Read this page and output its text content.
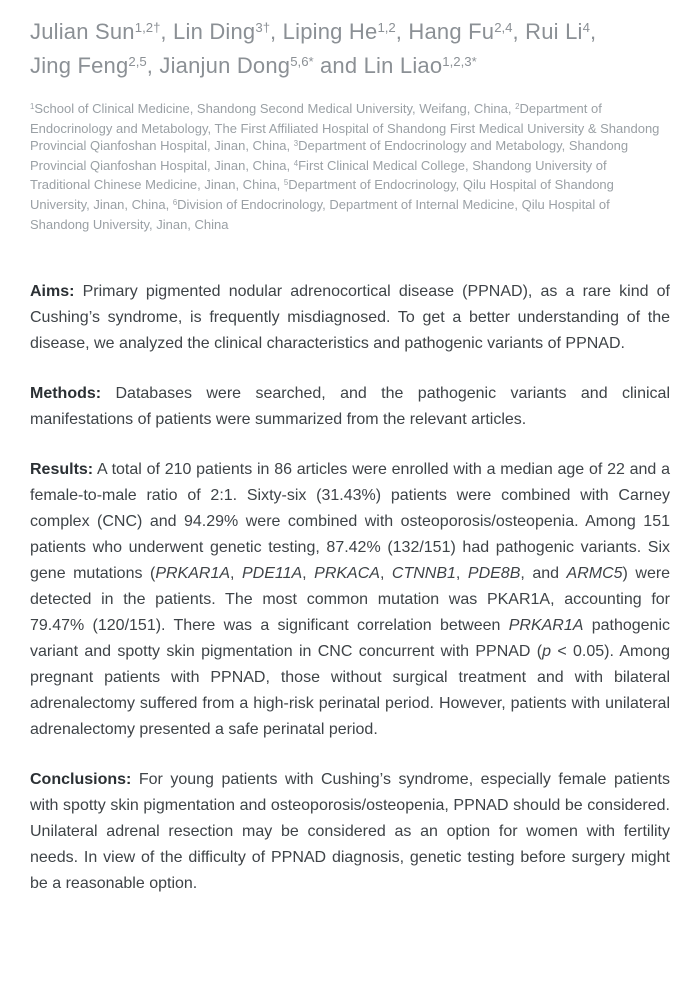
Julian Sun$^{1,2\dagger}$, Lin Ding$^{3\dagger}$, Liping He$^{1,2}$, Hang Fu$^{2,4}$, Rui Li$^4$,
Jing Feng$^{2,5}$, Jianjun Dong$^{5,6*}$ and Lin Liao$^{1,2,3*}$

$^1$School of Clinical Medicine, Shandong Second Medical University, Weifang, China, $^2$Department of Endocrinology and Metabology, The First Affiliated Hospital of Shandong First Medical University & Shandong Provincial Qianfoshan Hospital, Jinan, China, $^3$Department of Endocrinology and Metabology, Shandong Provincial Qianfoshan Hospital, Jinan, China, $^4$First Clinical Medical College, Shandong University of Traditional Chinese Medicine, Jinan, China, $^5$Department of Endocrinology, Qilu Hospital of Shandong University, Jinan, China, $^6$Division of Endocrinology, Department of Internal Medicine, Qilu Hospital of Shandong University, Jinan, China

Aims: Primary pigmented nodular adrenocortical disease (PPNAD), as a rare kind of Cushing’s syndrome, is frequently misdiagnosed. To get a better understanding of the disease, we analyzed the clinical characteristics and pathogenic variants of PPNAD.

Methods: Databases were searched, and the pathogenic variants and clinical manifestations of patients were summarized from the relevant articles.

Results: A total of 210 patients in 86 articles were enrolled with a median age of 22 and a female-to-male ratio of 2:1. Sixty-six (31.43%) patients were combined with Carney complex (CNC) and 94.29% were combined with osteoporosis/osteopenia. Among 151 patients who underwent genetic testing, 87.42% (132/151) had pathogenic variants. Six gene mutations (PRKAR1A, PDE11A, PRKACA, CTNNB1, PDE8B, and ARMC5) were detected in the patients. The most common mutation was PKAR1A, accounting for 79.47% (120/151). There was a significant correlation between PRKAR1A pathogenic variant and spotty skin pigmentation in CNC concurrent with PPNAD (p < 0.05). Among pregnant patients with PPNAD, those without surgical treatment and with bilateral adrenalectomy suffered from a high-risk perinatal period. However, patients with unilateral adrenalectomy presented a safe perinatal period.

Conclusions: For young patients with Cushing’s syndrome, especially female patients with spotty skin pigmentation and osteoporosis/osteopenia, PPNAD should be considered. Unilateral adrenal resection may be considered as an option for women with fertility needs. In view of the difficulty of PPNAD diagnosis, genetic testing before surgery might be a reasonable option.
